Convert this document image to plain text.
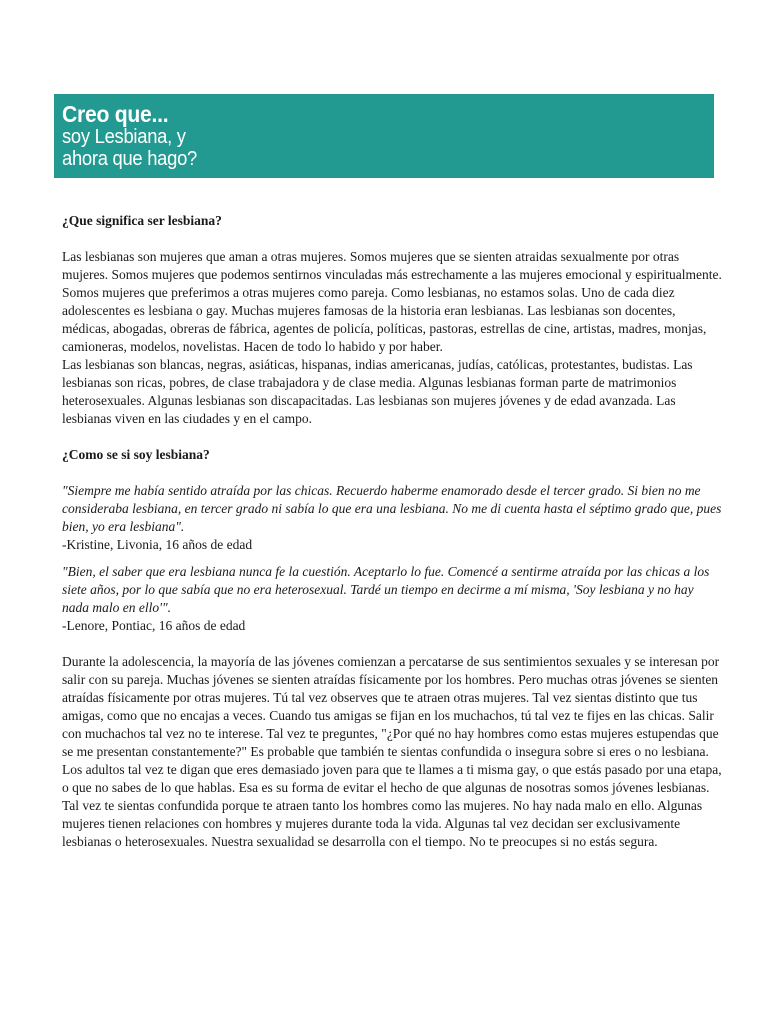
Creo que...
soy Lesbiana, y
ahora que hago?

¿Que significa ser lesbiana?

Las lesbianas son mujeres que aman a otras mujeres. Somos mujeres que se sienten atraidas sexualmente por otras mujeres. Somos mujeres que podemos sentirnos vinculadas más estrechamente a las mujeres emocional y espiritualmente. Somos mujeres que preferimos a otras mujeres como pareja. Como lesbianas, no estamos solas. Uno de cada diez adolescentes es lesbiana o gay. Muchas mujeres famosas de la historia eran lesbianas. Las lesbianas son docentes, médicas, abogadas, obreras de fábrica, agentes de policía, políticas, pastoras, estrellas de cine, artistas, madres, monjas, camioneras, modelos, novelistas. Hacen de todo lo habido y por haber.

Las lesbianas son blancas, negras, asiáticas, hispanas, indias americanas, judías, católicas, protestantes, budistas. Las lesbianas son ricas, pobres, de clase trabajadora y de clase media. Algunas lesbianas forman parte de matrimonios heterosexuales. Algunas lesbianas son discapacitadas. Las lesbianas son mujeres jóvenes y de edad avanzada. Las lesbianas viven en las ciudades y en el campo.

¿Como se si soy lesbiana?

"Siempre me había sentido atraída por las chicas. Recuerdo haberme enamorado desde el tercer grado. Si bien no me consideraba lesbiana, en tercer grado ni sabía lo que era una lesbiana. No me di cuenta hasta el séptimo grado que, pues bien, yo era lesbiana".

-Kristine, Livonia, 16 años de edad

"Bien, el saber que era lesbiana nunca fe la cuestión. Aceptarlo lo fue. Comencé a sentirme atraída por las chicas a los siete años, por lo que sabía que no era heterosexual. Tardé un tiempo en decirme a mí misma, 'Soy lesbiana y no hay nada malo en ello'".

-Lenore, Pontiac, 16 años de edad

Durante la adolescencia, la mayoría de las jóvenes comienzan a percatarse de sus sentimientos sexuales y se interesan por salir con su pareja. Muchas jóvenes se sienten atraídas físicamente por los hombres. Pero muchas otras jóvenes se sienten atraídas físicamente por otras mujeres. Tú tal vez observes que te atraen otras mujeres. Tal vez sientas distinto que tus amigas, como que no encajas a veces. Cuando tus amigas se fijan en los muchachos, tú tal vez te fijes en las chicas. Salir con muchachos tal vez no te interese. Tal vez te preguntes, "¿Por qué no hay hombres como estas mujeres estupendas que se me presentan constantemente?" Es probable que también te sientas confundida o insegura sobre si eres o no lesbiana. Los adultos tal vez te digan que eres demasiado joven para que te llames a ti misma gay, o que estás pasado por una etapa, o que no sabes de lo que hablas. Esa es su forma de evitar el hecho de que algunas de nosotras somos jóvenes lesbianas. Tal vez te sientas confundida porque te atraen tanto los hombres como las mujeres. No hay nada malo en ello. Algunas mujeres tienen relaciones con hombres y mujeres durante toda la vida. Algunas tal vez decidan ser exclusivamente lesbianas o heterosexuales. Nuestra sexualidad se desarrolla con el tiempo. No te preocupes si no estás segura.
